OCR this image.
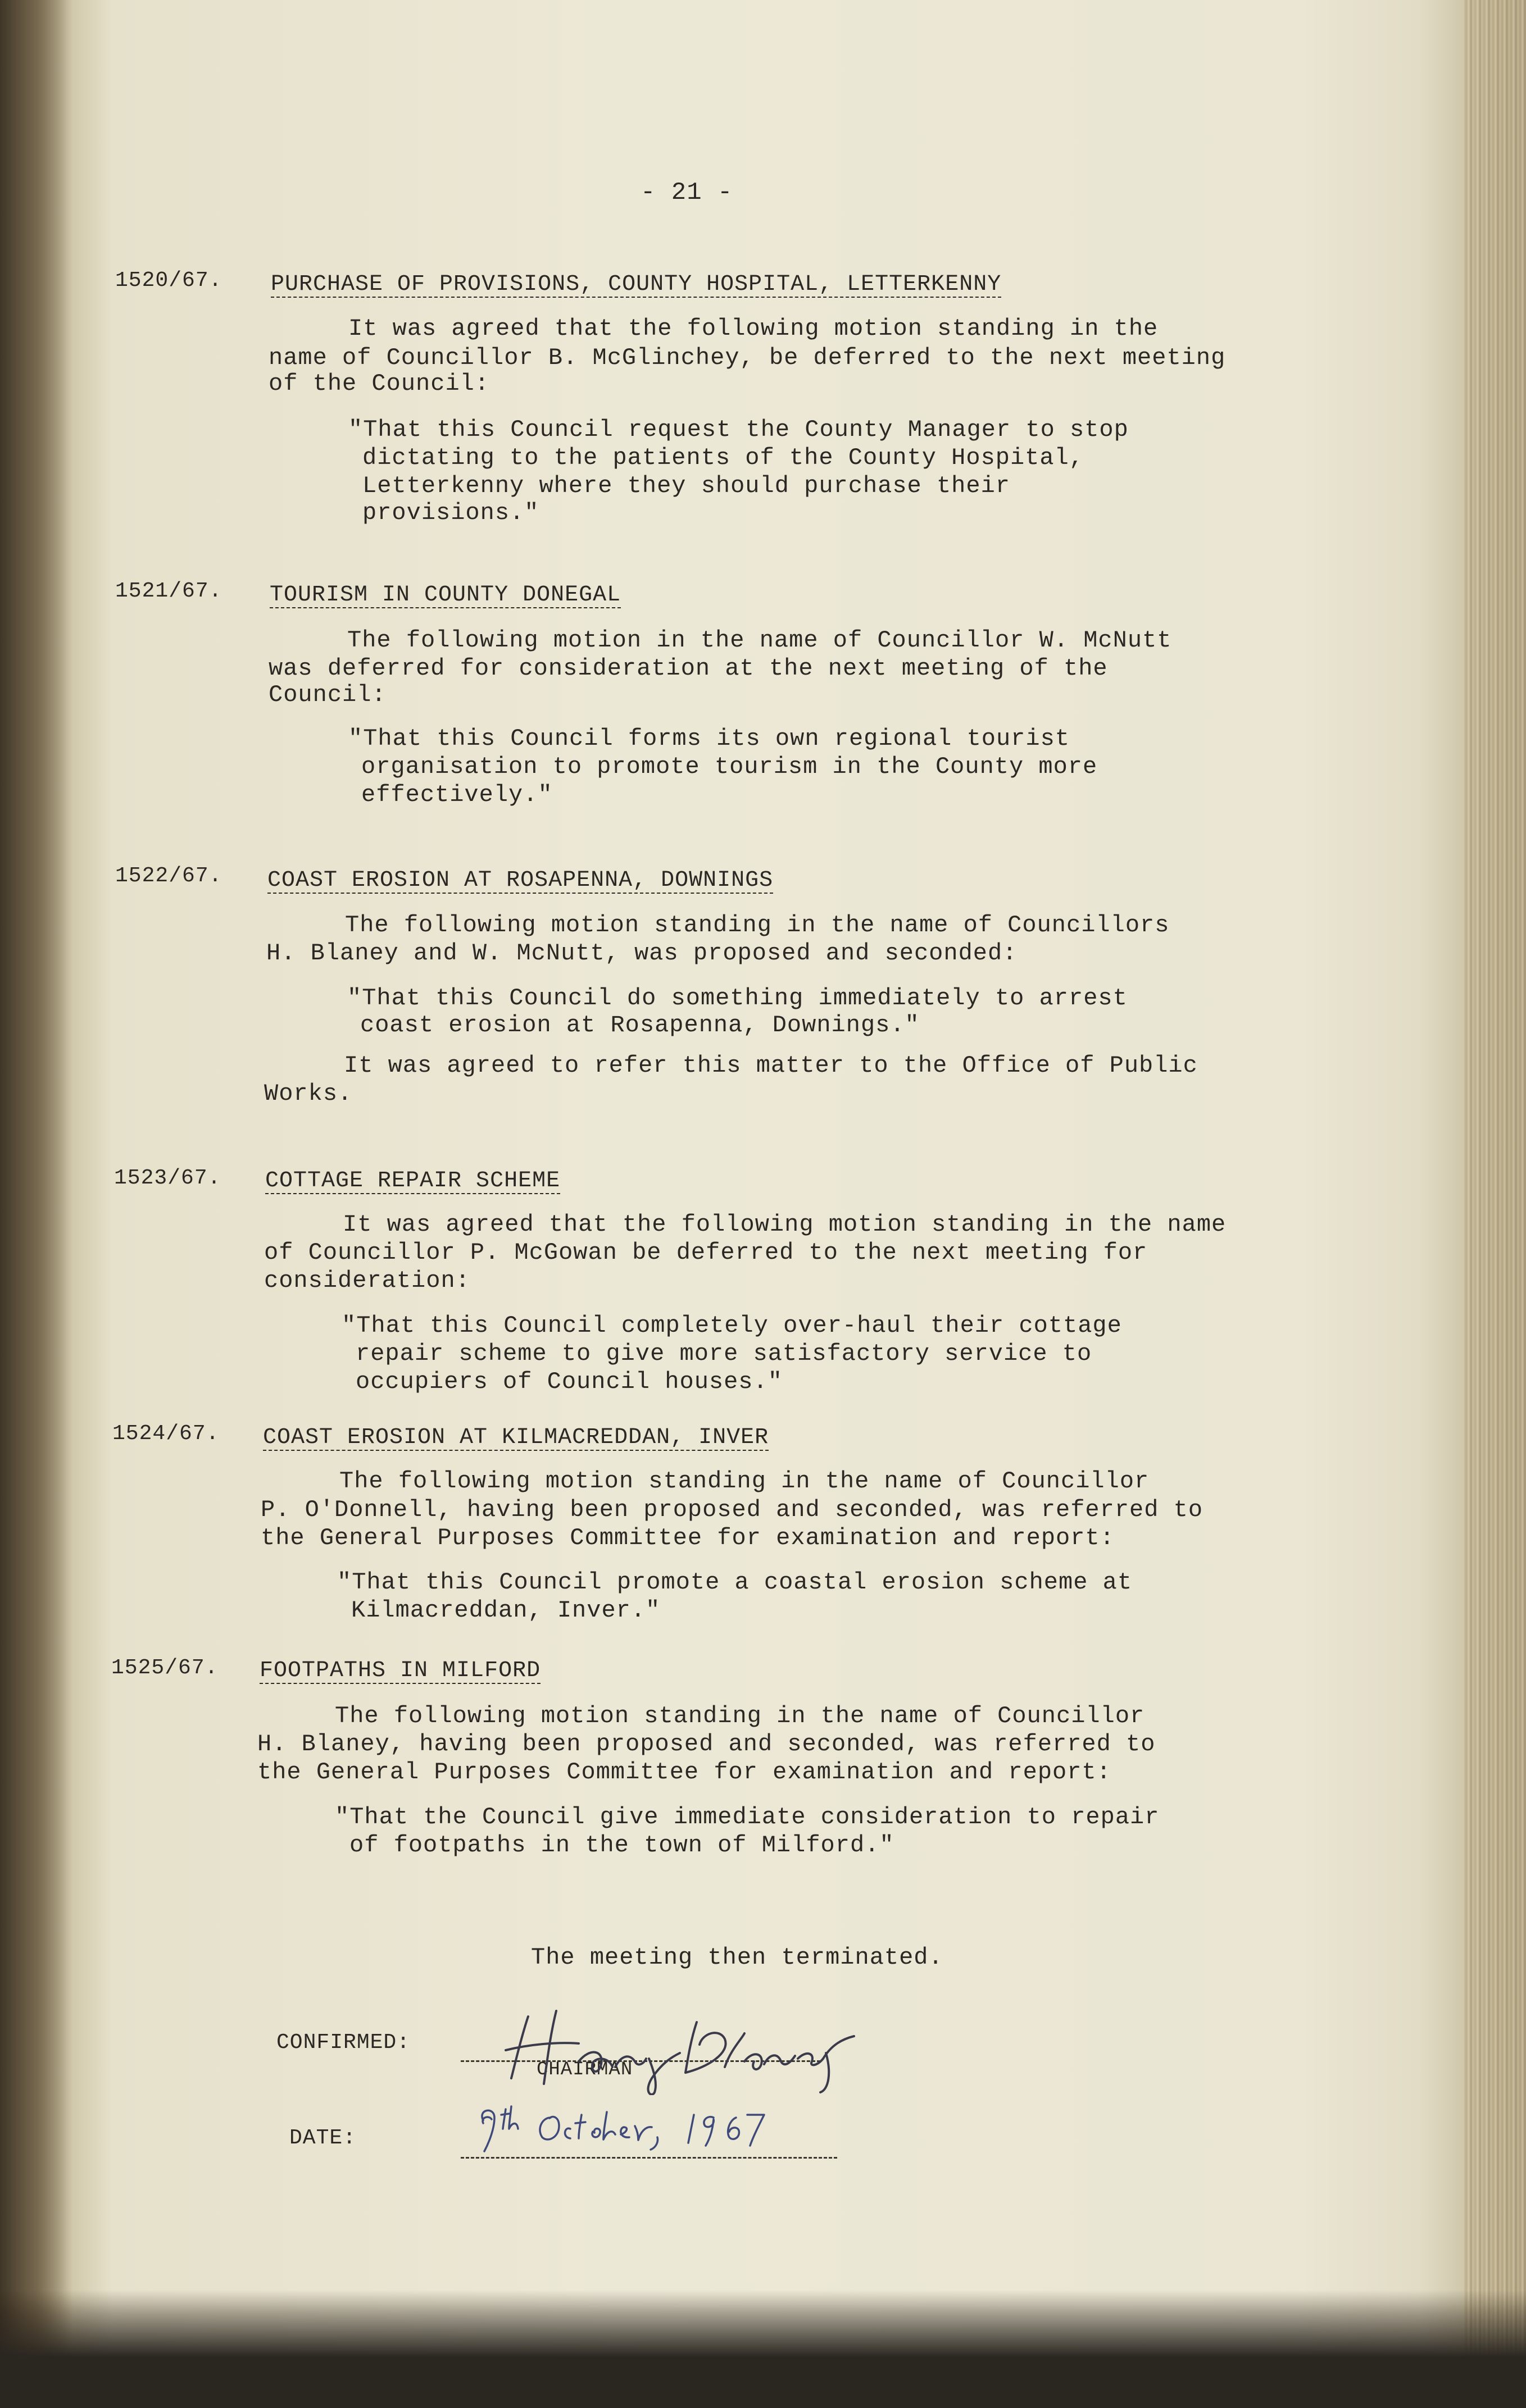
- 21 -
1520/67. PURCHASE OF PROVISIONS, COUNTY HOSPITAL, LETTERKENNY
It was agreed that the following motion standing in the
name of Councillor B. McGlinchey, be deferred to the next meeting
of the Council:
"That this Council request the County Manager to stop
dictating to the patients of the County Hospital,
Letterkenny where they should purchase their
provisions."
1521/67. TOURISM IN COUNTY DONEGAL
The following motion in the name of Councillor W. McNutt
was deferred for consideration at the next meeting of the
Council:
"That this Council forms its own regional tourist
organisation to promote tourism in the County more
effectively."
1522/67. COAST EROSION AT ROSAPENNA, DOWNINGS
The following motion standing in the name of Councillors
H. Blaney and W. McNutt, was proposed and seconded:
"That this Council do something immediately to arrest
coast erosion at Rosapenna, Downings."
It was agreed to refer this matter to the Office of Public
Works.
1523/67. COTTAGE REPAIR SCHEME
It was agreed that the following motion standing in the name
of Councillor P. McGowan be deferred to the next meeting for
consideration:
"That this Council completely over-haul their cottage
repair scheme to give more satisfactory service to
occupiers of Council houses."
1524/67. COAST EROSION AT KILMACREDDAN, INVER
The following motion standing in the name of Councillor
P. O'Donnell, having been proposed and seconded, was referred to
the General Purposes Committee for examination and report:
"That this Council promote a coastal erosion scheme at
Kilmacreddan, Inver."
1525/67. FOOTPATHS IN MILFORD
The following motion standing in the name of Councillor
H. Blaney, having been proposed and seconded, was referred to
the General Purposes Committee for examination and report:
"That the Council give immediate consideration to repair
of footpaths in the town of Milford."
The meeting then terminated.
CONFIRMED:
CHAIRMAN
DATE:
